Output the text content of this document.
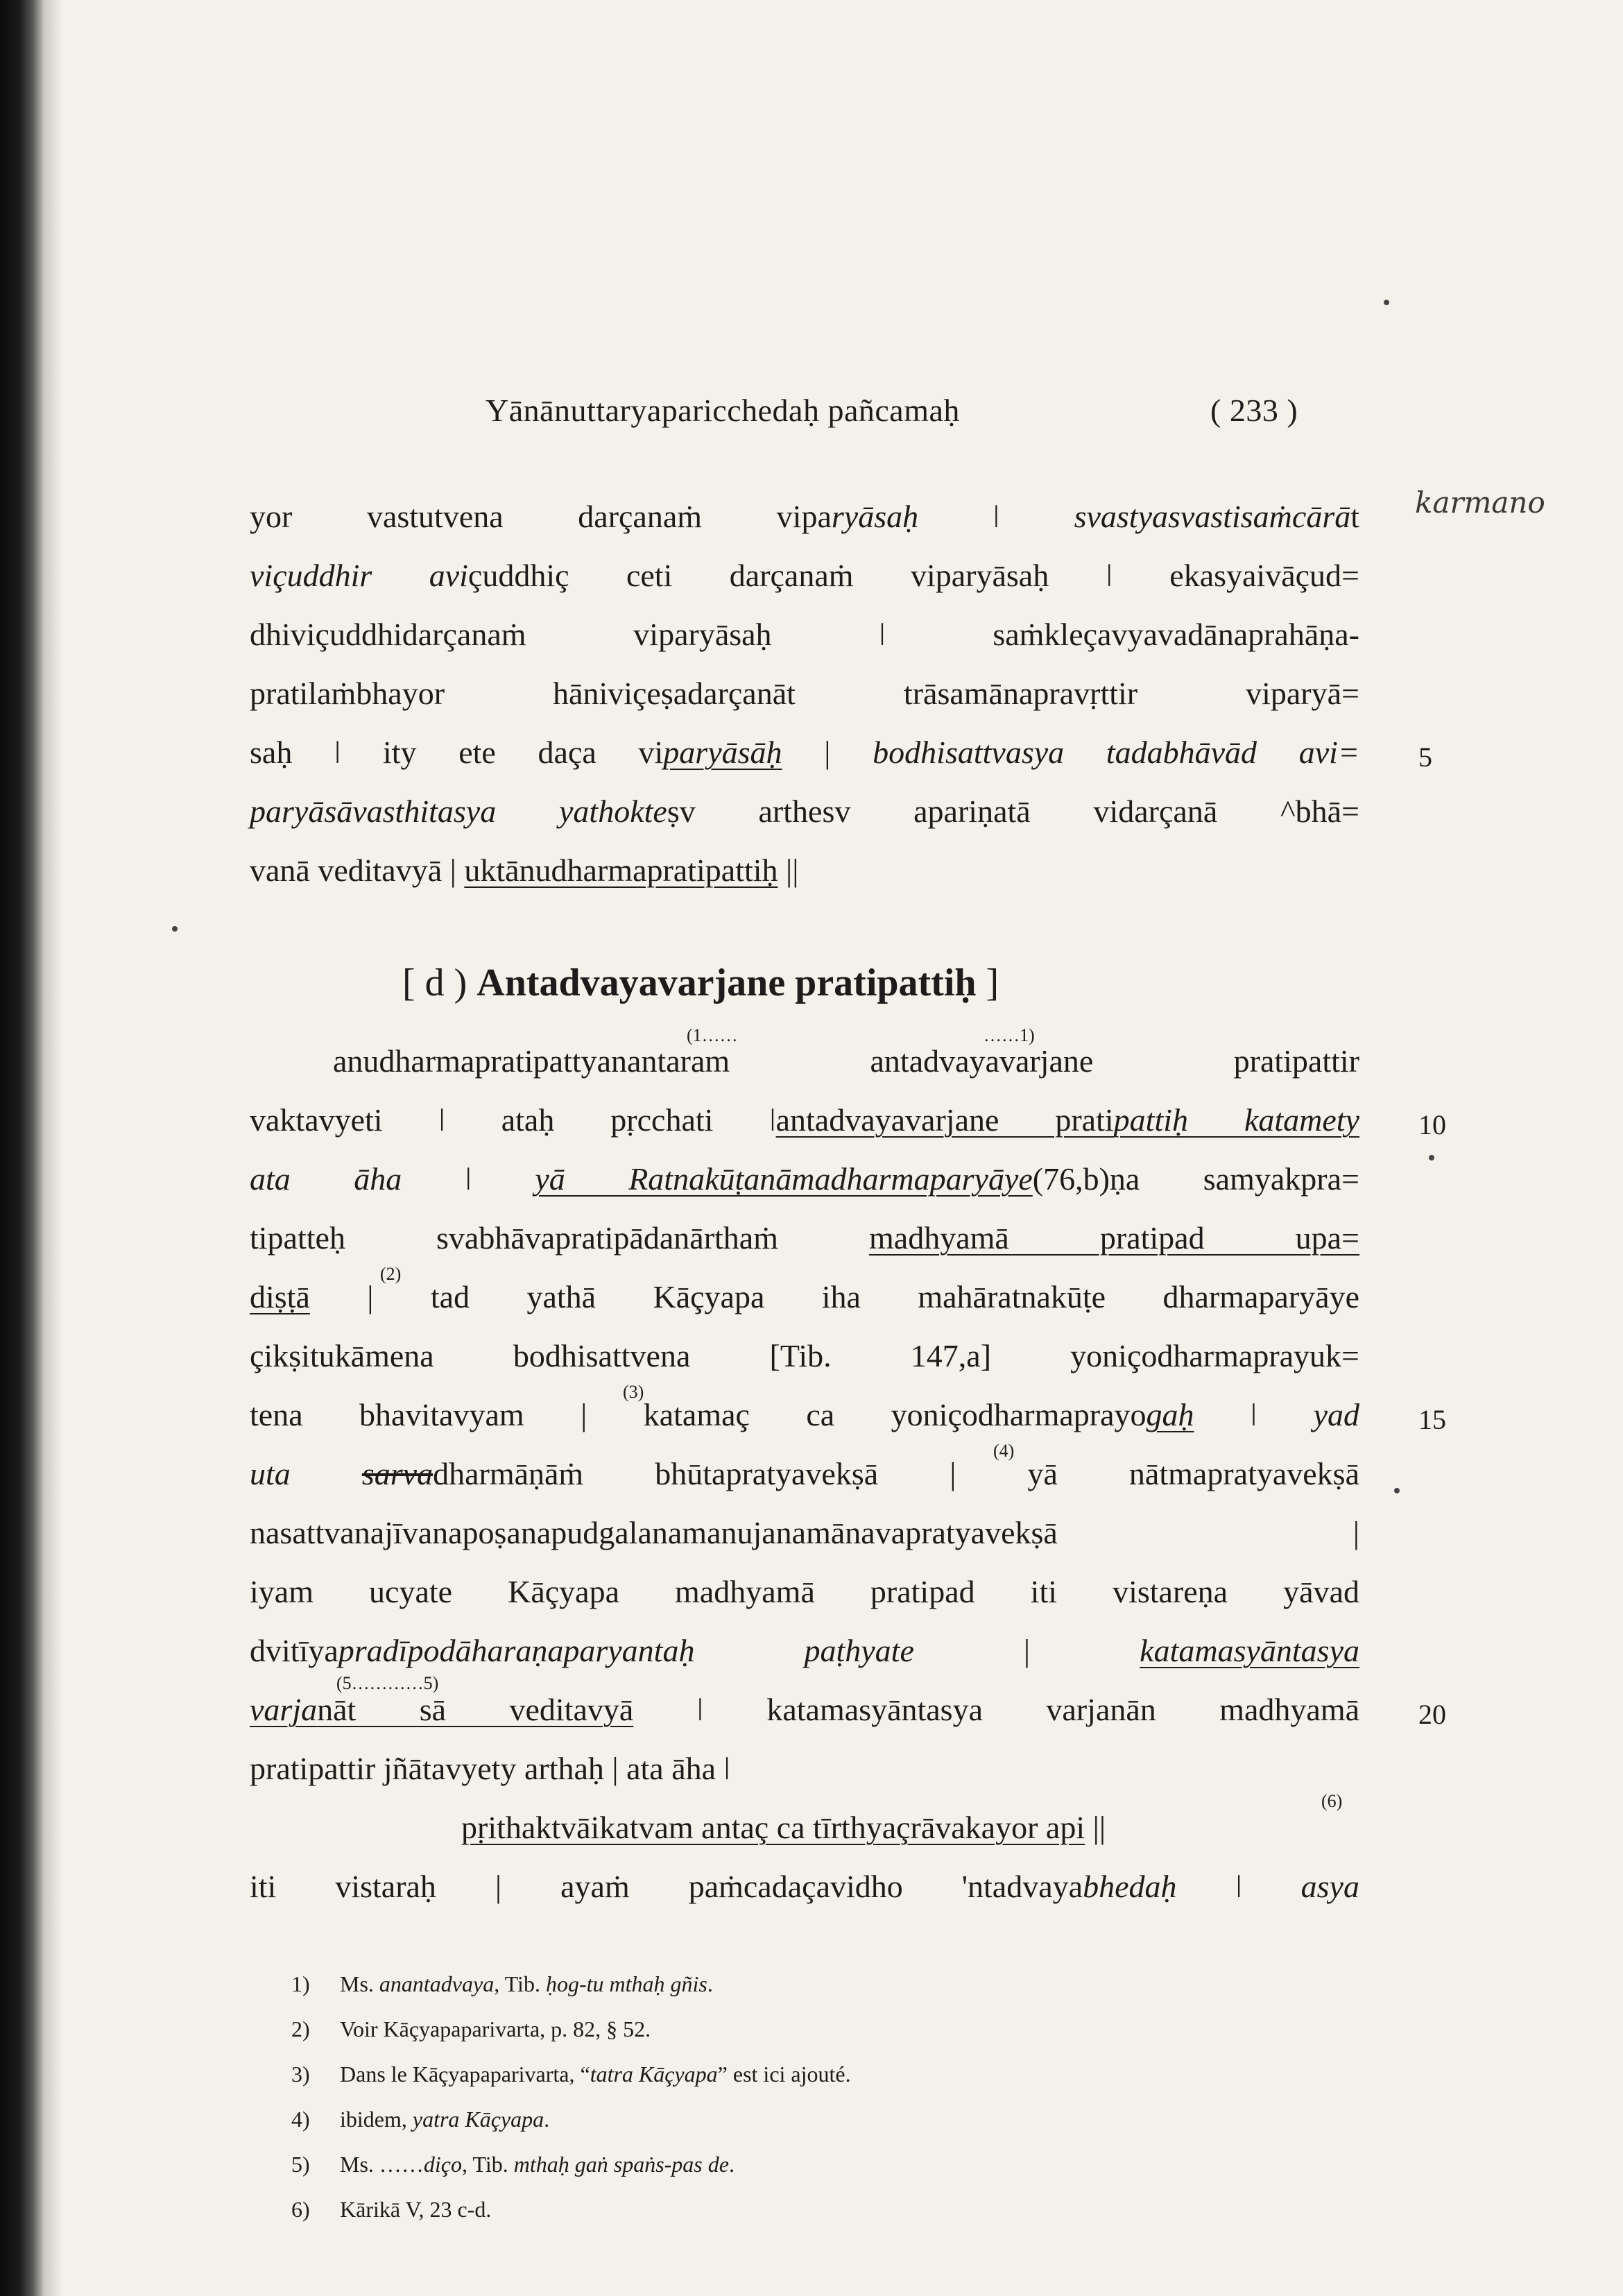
Yānānuttaryaparicchedaḥ pañcamaḥ	( 233 )
karmano
yor vastutvena darçanaṁ viparyāsaḥ ǀ svastyasvastisaṁcārāt
viçuddhir aviçuddhiç ceti darçanaṁ viparyāsaḥ ǀ ekasyaivāçud=
dhiviçuddhidarçanaṁ viparyāsaḥ ǀ saṁkleçavyavadānaprahāṇa-
pratilaṁbhayor hāniviçeṣadarçanāt trāsamānapravṛttir viparyā=
saḥ ǀ ity ete daça viparyāsāḥ | bodhisattvasya tadabhāvād avi= 5
paryāsāvasthitasya yathokteṣv arthesv apariṇatā vidarçanā ^bhā=
vanā veditavyā | uktānudharmapratipattiḥ ||
[ d ) Antadvayavarjane pratipattiḥ ]
(1……	……1)
anudharmapratipattyanantaram antadvayavarjane pratipattir
vaktavyeti ǀ ataḥ pṛcchati ǀantadvayavarjane pratipattiḥ katamety 10
ata āha ǀ yā Ratnakūṭanāmadharmaparyāye(76,b)ṇa samyakpra=
tipatteḥ svabhāvapratipādanārthaṁ madhyamā pratipad upa=
(2)
diṣṭā | tad yathā Kāçyapa iha mahāratnakūṭe dharmaparyāye
çikṣitukāmena bodhisattvena [Tib. 147,a] yoniçodharmaprayuk=
(3)
tena bhavitavyam | katamaç ca yoniçodharmaprayogaḥ ǀ yad 15
(4)
uta sarvadharmāṇāṁ bhūtapratyavekṣā | yā nātmapratyavekṣā
nasattvanajīvanapoṣanapudgalanamanujanamānavapratyavekṣā |
iyam ucyate Kāçyapa madhyamā pratipad iti vistareṇa yāvad
dvitīyapradīpodāharaṇaparyantaḥ paṭhyate | katamasyāntasya
(5…………5)
varjanāt sā veditavyā ǀ katamasyāntasya varjanān madhyamā 20
pratipattir jñātavyety arthaḥ | ata āha ǀ
(6)
pṛithaktvāikatvam antaç ca tīrthyaçrāvakayor api ||
iti vistaraḥ | ayaṁ paṁcadaçavidho 'ntadvayabhedaḥ ǀ asya
1) Ms. anantadvaya, Tib. ḥog-tu mthaḥ gñis.
2) Voir Kāçyapaparivarta, p. 82, § 52.
3) Dans le Kāçyapaparivarta, “tatra Kāçyapa” est ici ajouté.
4) ibidem, yatra Kāçyapa.
5) Ms. ……diço, Tib. mthaḥ gaṅ spaṅs-pas de.
6) Kārikā V, 23 c-d.
